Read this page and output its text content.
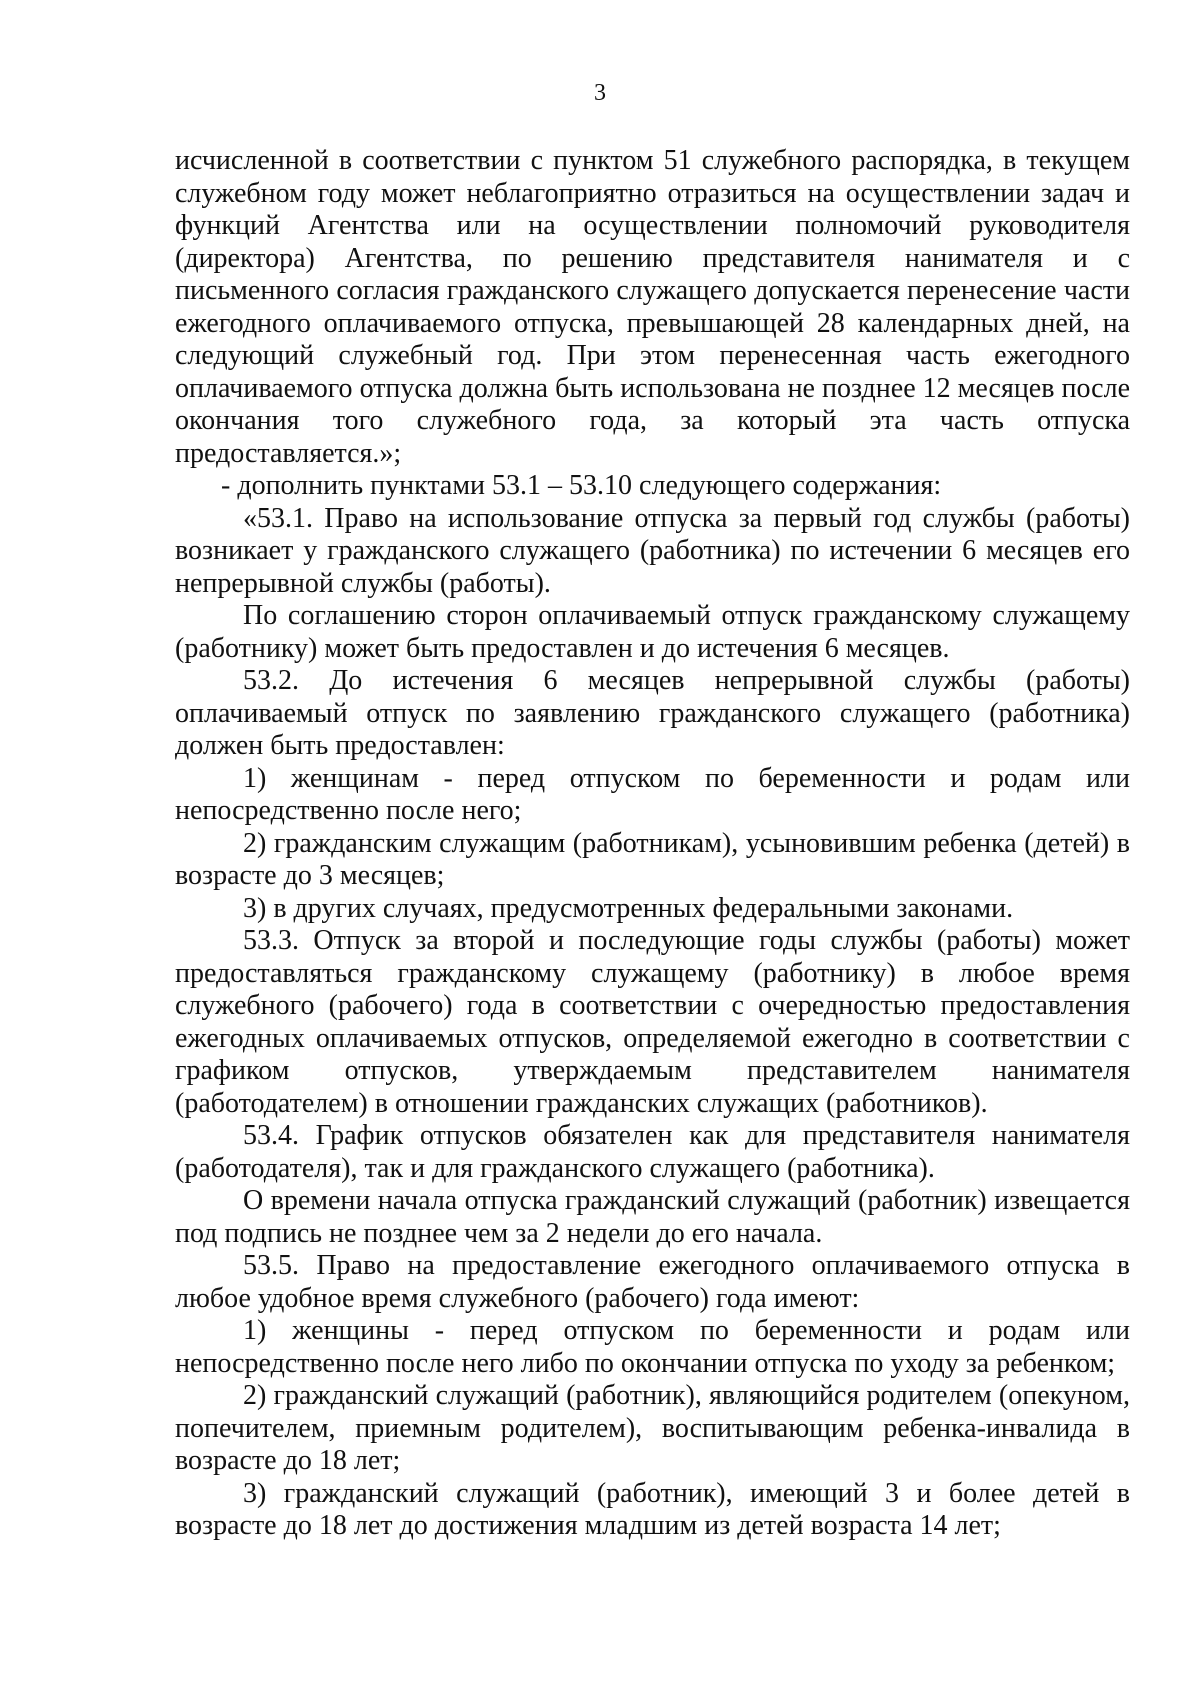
3

исчисленной в соответствии с пунктом 51 служебного распорядка, в текущем служебном году может неблагоприятно отразиться на осуществлении задач и функций Агентства или на осуществлении полномочий руководителя (директора) Агентства, по решению представителя нанимателя и с письменного согласия гражданского служащего допускается перенесение части ежегодного оплачиваемого отпуска, превышающей 28 календарных дней, на следующий служебный год. При этом перенесенная часть ежегодного оплачиваемого отпуска должна быть использована не позднее 12 месяцев после окончания того служебного года, за который эта часть отпуска предоставляется.»;

- дополнить пунктами 53.1 – 53.10 следующего содержания:

«53.1. Право на использование отпуска за первый год службы (работы) возникает у гражданского служащего (работника) по истечении 6 месяцев его непрерывной службы (работы).

По соглашению сторон оплачиваемый отпуск гражданскому служащему (работнику) может быть предоставлен и до истечения 6 месяцев.

53.2. До истечения 6 месяцев непрерывной службы (работы) оплачиваемый отпуск по заявлению гражданского служащего (работника) должен быть предоставлен:

1) женщинам - перед отпуском по беременности и родам или непосредственно после него;

2) гражданским служащим (работникам), усыновившим ребенка (детей) в возрасте до 3 месяцев;

3) в других случаях, предусмотренных федеральными законами.

53.3. Отпуск за второй и последующие годы службы (работы) может предоставляться гражданскому служащему (работнику) в любое время служебного (рабочего) года в соответствии с очередностью предоставления ежегодных оплачиваемых отпусков, определяемой ежегодно в соответствии с графиком отпусков, утверждаемым представителем нанимателя (работодателем) в отношении гражданских служащих (работников).

53.4. График отпусков обязателен как для представителя нанимателя (работодателя), так и для гражданского служащего (работника).

О времени начала отпуска гражданский служащий (работник) извещается под подпись не позднее чем за 2 недели до его начала.

53.5. Право на предоставление ежегодного оплачиваемого отпуска в любое удобное время служебного (рабочего) года имеют:

1) женщины - перед отпуском по беременности и родам или непосредственно после него либо по окончании отпуска по уходу за ребенком;

2) гражданский служащий (работник), являющийся родителем (опекуном, попечителем, приемным родителем), воспитывающим ребенка-инвалида в возрасте до 18 лет;

3) гражданский служащий (работник), имеющий 3 и более детей в возрасте до 18 лет до достижения младшим из детей возраста 14 лет;
